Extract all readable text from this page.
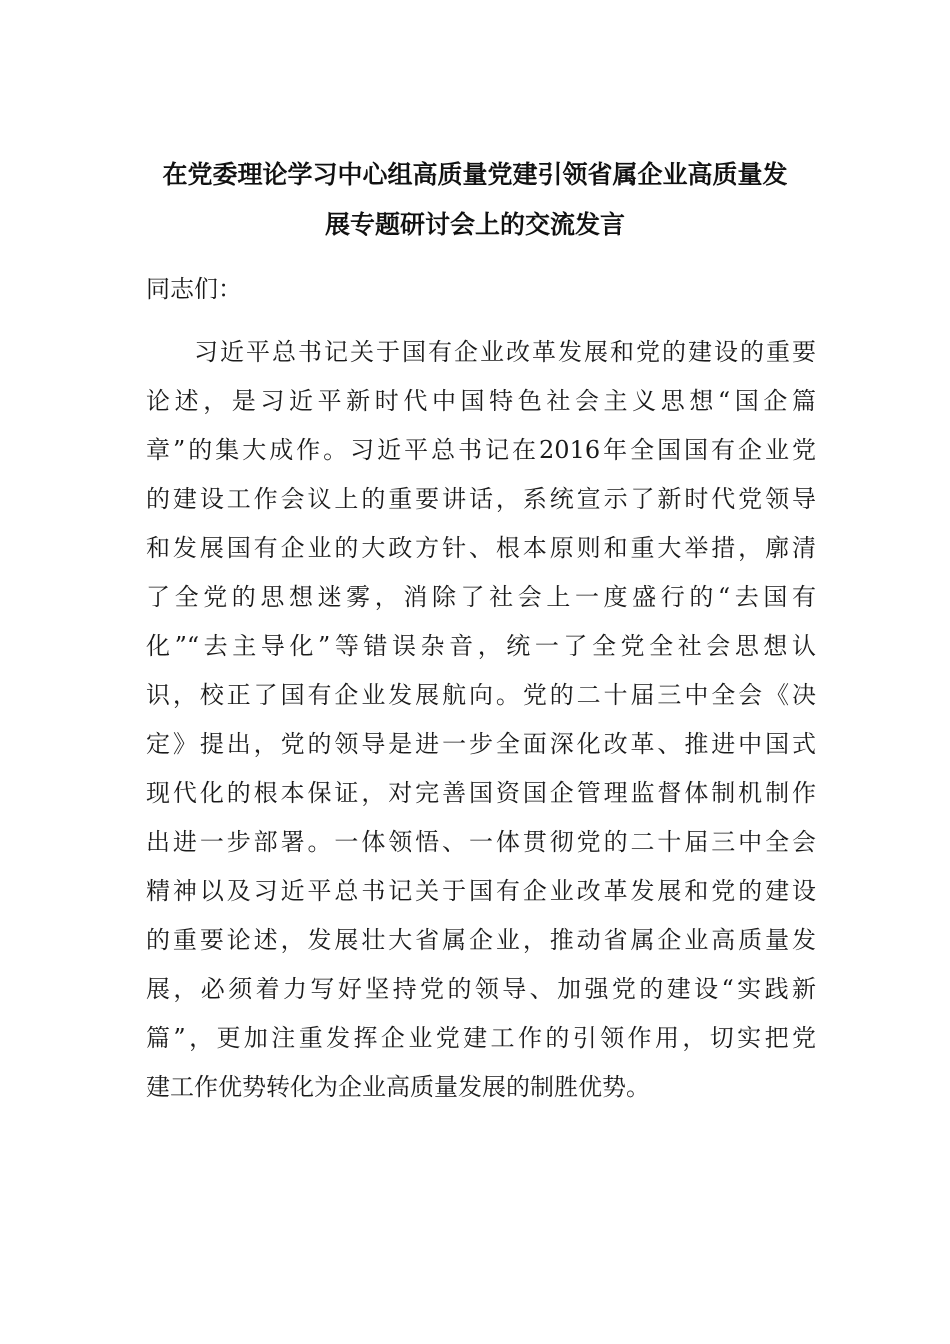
在党委理论学习中心组高质量党建引领省属企业高质量发
展专题研讨会上的交流发言
同志们：
习近平总书记关于国有企业改革发展和党的建设的重要
论述，是习近平新时代中国特色社会主义思想“国企篇
章”的集大成作。习近平总书记在2016年全国国有企业党
的建设工作会议上的重要讲话，系统宣示了新时代党领导
和发展国有企业的大政方针、根本原则和重大举措，廓清
了全党的思想迷雾，消除了社会上一度盛行的“去国有
化”“去主导化”等错误杂音，统一了全党全社会思想认
识，校正了国有企业发展航向。党的二十届三中全会《决
定》提出，党的领导是进一步全面深化改革、推进中国式
现代化的根本保证，对完善国资国企管理监督体制机制作
出进一步部署。一体领悟、一体贯彻党的二十届三中全会
精神以及习近平总书记关于国有企业改革发展和党的建设
的重要论述，发展壮大省属企业，推动省属企业高质量发
展，必须着力写好坚持党的领导、加强党的建设“实践新
篇”，更加注重发挥企业党建工作的引领作用，切实把党
建工作优势转化为企业高质量发展的制胜优势。
